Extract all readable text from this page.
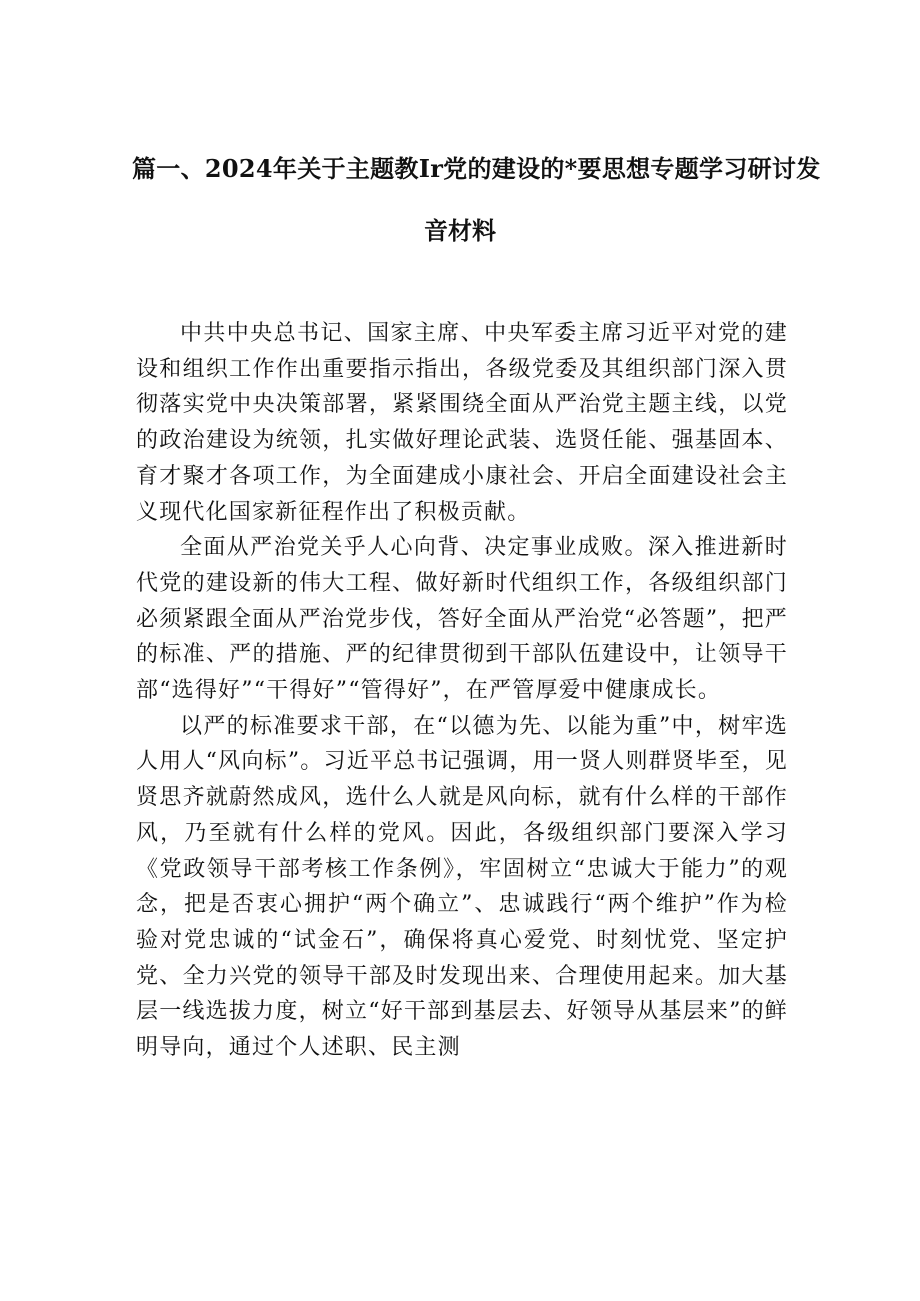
篇一、2024年关于主题教Ir党的建设的*要思想专题学习研讨发
音材料

中共中央总书记、国家主席、中央军委主席习近平对党的建设和组织工作作出重要指示指出，各级党委及其组织部门深入贯彻落实党中央决策部署，紧紧围绕全面从严治党主题主线，以党的政治建设为统领，扎实做好理论武装、选贤任能、强基固本、育才聚才各项工作，为全面建成小康社会、开启全面建设社会主义现代化国家新征程作出了积极贡献。

全面从严治党关乎人心向背、决定事业成败。深入推进新时代党的建设新的伟大工程、做好新时代组织工作，各级组织部门必须紧跟全面从严治党步伐，答好全面从严治党“必答题”，把严的标准、严的措施、严的纪律贯彻到干部队伍建设中，让领导干部“选得好”“干得好”“管得好”，在严管厚爱中健康成长。

以严的标准要求干部，在“以德为先、以能为重”中，树牢选人用人“风向标”。习近平总书记强调，用一贤人则群贤毕至，见贤思齐就蔚然成风，选什么人就是风向标，就有什么样的干部作风，乃至就有什么样的党风。因此，各级组织部门要深入学习《党政领导干部考核工作条例》，牢固树立“忠诚大于能力”的观念，把是否衷心拥护“两个确立”、忠诚践行“两个维护”作为检验对党忠诚的“试金石”，确保将真心爱党、时刻忧党、坚定护党、全力兴党的领导干部及时发现出来、合理使用起来。加大基层一线选拔力度，树立“好干部到基层去、好领导从基层来”的鲜明导向，通过个人述职、民主测
